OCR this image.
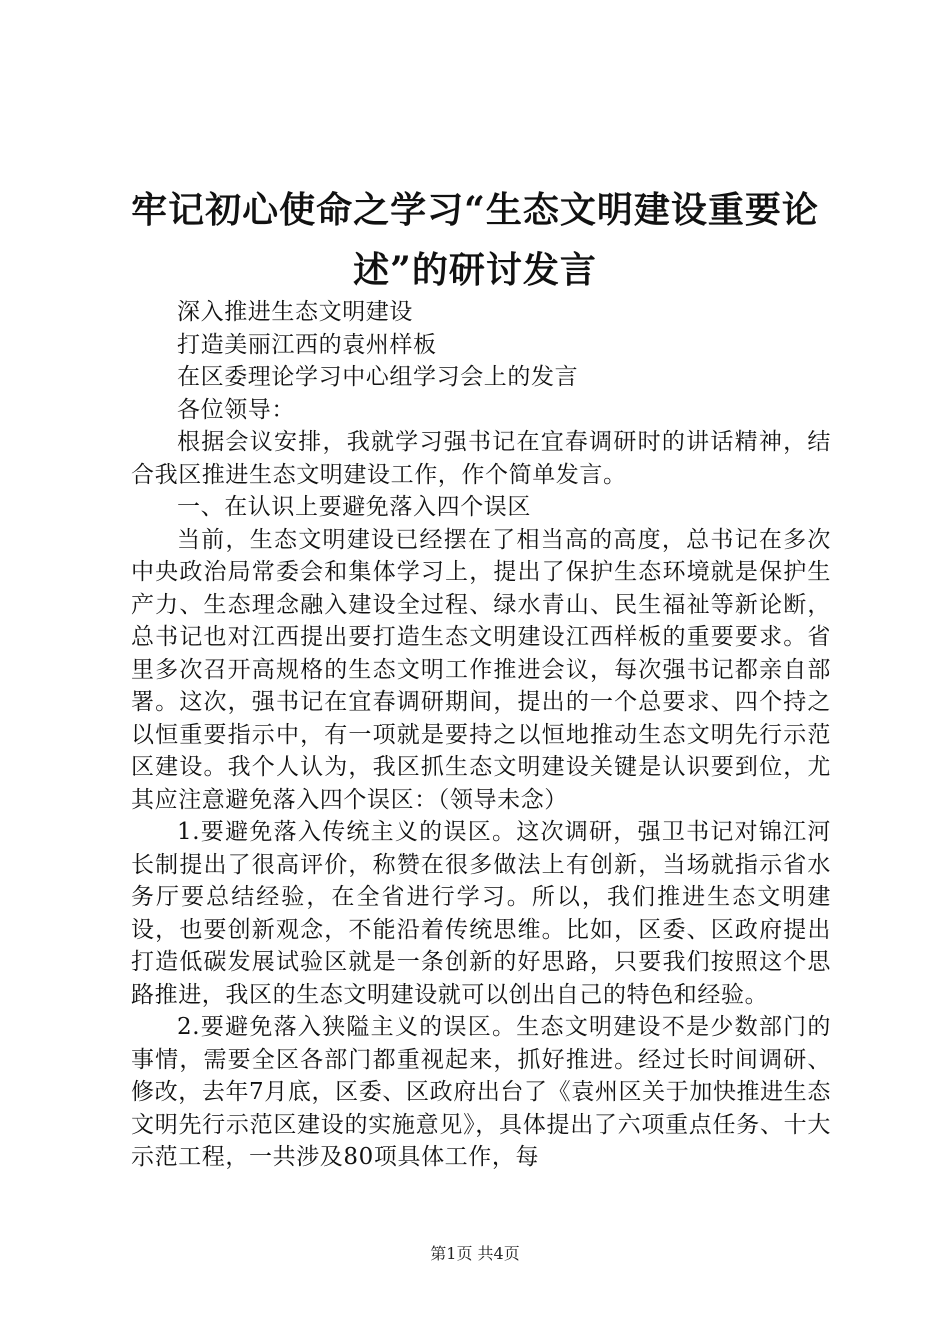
牢记初心使命之学习“生态文明建设重要论
述”的研讨发言

深入推进生态文明建设

打造美丽江西的袁州样板

在区委理论学习中心组学习会上的发言

各位领导：

根据会议安排，我就学习强书记在宜春调研时的讲话精神，结合我区推进生态文明建设工作，作个简单发言。

一、在认识上要避免落入四个误区

当前，生态文明建设已经摆在了相当高的高度，总书记在多次中央政治局常委会和集体学习上，提出了保护生态环境就是保护生产力、生态理念融入建设全过程、绿水青山、民生福祉等新论断，总书记也对江西提出要打造生态文明建设江西样板的重要要求。省里多次召开高规格的生态文明工作推进会议，每次强书记都亲自部署。这次，强书记在宜春调研期间，提出的一个总要求、四个持之以恒重要指示中，有一项就是要持之以恒地推动生态文明先行示范区建设。我个人认为，我区抓生态文明建设关键是认识要到位，尤其应注意避免落入四个误区：（领导未念）

1.要避免落入传统主义的误区。这次调研，强卫书记对锦江河长制提出了很高评价，称赞在很多做法上有创新，当场就指示省水务厅要总结经验，在全省进行学习。所以，我们推进生态文明建设，也要创新观念，不能沿着传统思维。比如，区委、区政府提出打造低碳发展试验区就是一条创新的好思路，只要我们按照这个思路推进，我区的生态文明建设就可以创出自己的特色和经验。

2.要避免落入狭隘主义的误区。生态文明建设不是少数部门的事情，需要全区各部门都重视起来，抓好推进。经过长时间调研、修改，去年7月底，区委、区政府出台了《袁州区关于加快推进生态文明先行示范区建设的实施意见》，具体提出了六项重点任务、十大示范工程，一共涉及80项具体工作，每

第1页 共4页
